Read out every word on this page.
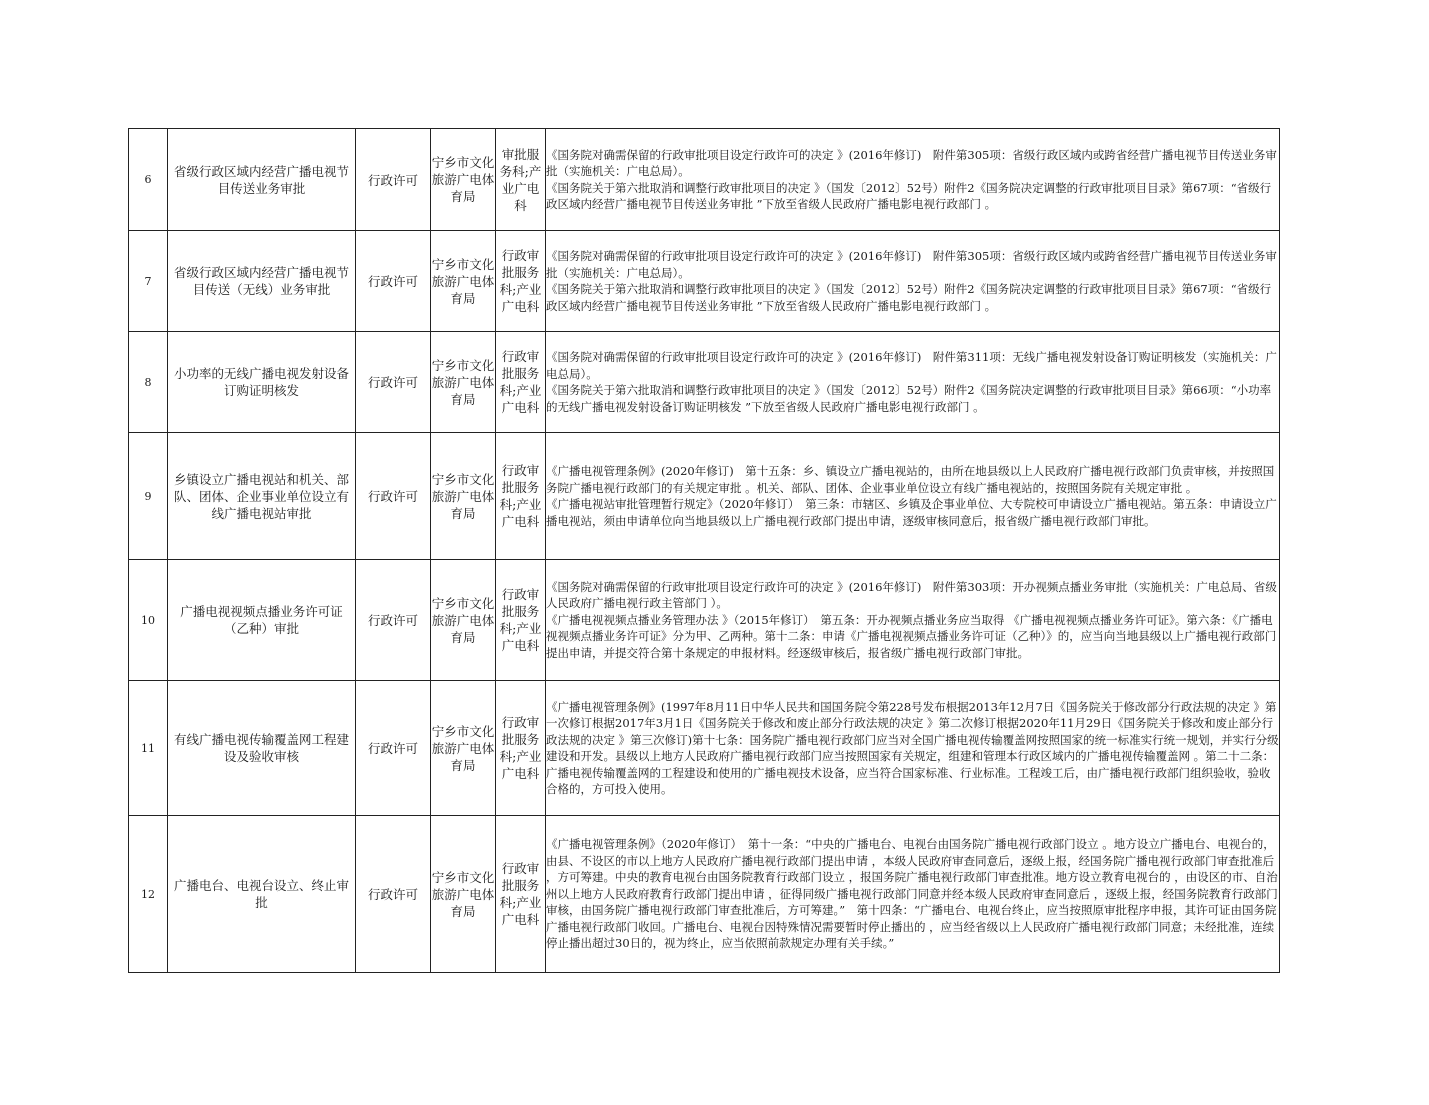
6	省级行政区域内经营广播电视节目传送业务审批	行政许可	宁乡市文化旅游广电体育局	审批服务科;产业广电科	《国务院对确需保留的行政审批项目设定行政许可的决定 》(2016年修订)　附件第305项：省级行政区域内或跨省经营广播电视节目传送业务审批（实施机关：广电总局）。
《国务院关于第六批取消和调整行政审批项目的决定 》（国发〔2012〕52号）附件2《国务院决定调整的行政审批项目目录》第67项：“省级行政区域内经营广播电视节目传送业务审批 ”下放至省级人民政府广播电影电视行政部门 。

7	省级行政区域内经营广播电视节目传送（无线）业务审批	行政许可	宁乡市文化旅游广电体育局	行政审批服务科;产业广电科	《国务院对确需保留的行政审批项目设定行政许可的决定 》(2016年修订)　附件第305项：省级行政区域内或跨省经营广播电视节目传送业务审批（实施机关：广电总局）。
《国务院关于第六批取消和调整行政审批项目的决定 》（国发〔2012〕52号）附件2《国务院决定调整的行政审批项目目录》第67项：“省级行政区域内经营广播电视节目传送业务审批 ”下放至省级人民政府广播电影电视行政部门 。

8	小功率的无线广播电视发射设备订购证明核发	行政许可	宁乡市文化旅游广电体育局	行政审批服务科;产业广电科	《国务院对确需保留的行政审批项目设定行政许可的决定 》(2016年修订)　附件第311项：无线广播电视发射设备订购证明核发（实施机关：广电总局）。
《国务院关于第六批取消和调整行政审批项目的决定 》（国发〔2012〕52号）附件2《国务院决定调整的行政审批项目目录》第66项：“小功率的无线广播电视发射设备订购证明核发 ”下放至省级人民政府广播电影电视行政部门 。

9	乡镇设立广播电视站和机关、部队、团体、企业事业单位设立有线广播电视站审批	行政许可	宁乡市文化旅游广电体育局	行政审批服务科;产业广电科	《广播电视管理条例》(2020年修订)　第十五条：乡、镇设立广播电视站的，由所在地县级以上人民政府广播电视行政部门负责审核，并按照国务院广播电视行政部门的有关规定审批 。机关、部队、团体、企业事业单位设立有线广播电视站的，按照国务院有关规定审批 。
《广播电视站审批管理暂行规定》（2020年修订）　第三条：市辖区、乡镇及企事业单位、大专院校可申请设立广播电视站。第五条：申请设立广播电视站，须由申请单位向当地县级以上广播电视行政部门提出申请，逐级审核同意后，报省级广播电视行政部门审批。

10	广播电视视频点播业务许可证（乙种）审批	行政许可	宁乡市文化旅游广电体育局	行政审批服务科;产业广电科	《国务院对确需保留的行政审批项目设定行政许可的决定 》(2016年修订)　附件第303项：开办视频点播业务审批（实施机关：广电总局、省级人民政府广播电视行政主管部门 ）。
《广播电视视频点播业务管理办法 》（2015年修订）　第五条：开办视频点播业务应当取得 《广播电视视频点播业务许可证》。第六条：《广播电视视频点播业务许可证》分为甲、乙两种。第十二条：申请《广播电视视频点播业务许可证（乙种）》的，应当向当地县级以上广播电视行政部门提出申请，并提交符合第十条规定的申报材料。经逐级审核后，报省级广播电视行政部门审批。

11	有线广播电视传输覆盖网工程建设及验收审核	行政许可	宁乡市文化旅游广电体育局	行政审批服务科;产业广电科	《广播电视管理条例》(1997年8月11日中华人民共和国国务院令第228号发布根据2013年12月7日《国务院关于修改部分行政法规的决定 》第一次修订根据2017年3月1日《国务院关于修改和废止部分行政法规的决定 》第二次修订根据2020年11月29日《国务院关于修改和废止部分行政法规的决定 》第三次修订)第十七条：国务院广播电视行政部门应当对全国广播电视传输覆盖网按照国家的统一标准实行统一规划，并实行分级建设和开发。县级以上地方人民政府广播电视行政部门应当按照国家有关规定，组建和管理本行政区域内的广播电视传输覆盖网 。第二十二条：广播电视传输覆盖网的工程建设和使用的广播电视技术设备，应当符合国家标准、行业标准。工程竣工后，由广播电视行政部门组织验收，验收合格的，方可投入使用。

12	广播电台、电视台设立、终止审批	行政许可	宁乡市文化旅游广电体育局	行政审批服务科;产业广电科	《广播电视管理条例》（2020年修订）　第十一条：“中央的广播电台、电视台由国务院广播电视行政部门设立 。地方设立广播电台、电视台的，由县、不设区的市以上地方人民政府广播电视行政部门提出申请 ，本级人民政府审查同意后，逐级上报，经国务院广播电视行政部门审查批准后 ，方可筹建。中央的教育电视台由国务院教育行政部门设立 ，报国务院广播电视行政部门审查批准。地方设立教育电视台的 ，由设区的市、自治州以上地方人民政府教育行政部门提出申请 ，征得同级广播电视行政部门同意并经本级人民政府审查同意后 ，逐级上报，经国务院教育行政部门审核，由国务院广播电视行政部门审查批准后，方可筹建。”　第十四条：“广播电台、电视台终止，应当按照原审批程序申报，其许可证由国务院广播电视行政部门收回。广播电台、电视台因特殊情况需要暂时停止播出的 ，应当经省级以上人民政府广播电视行政部门同意；未经批准，连续停止播出超过30日的，视为终止，应当依照前款规定办理有关手续。”
